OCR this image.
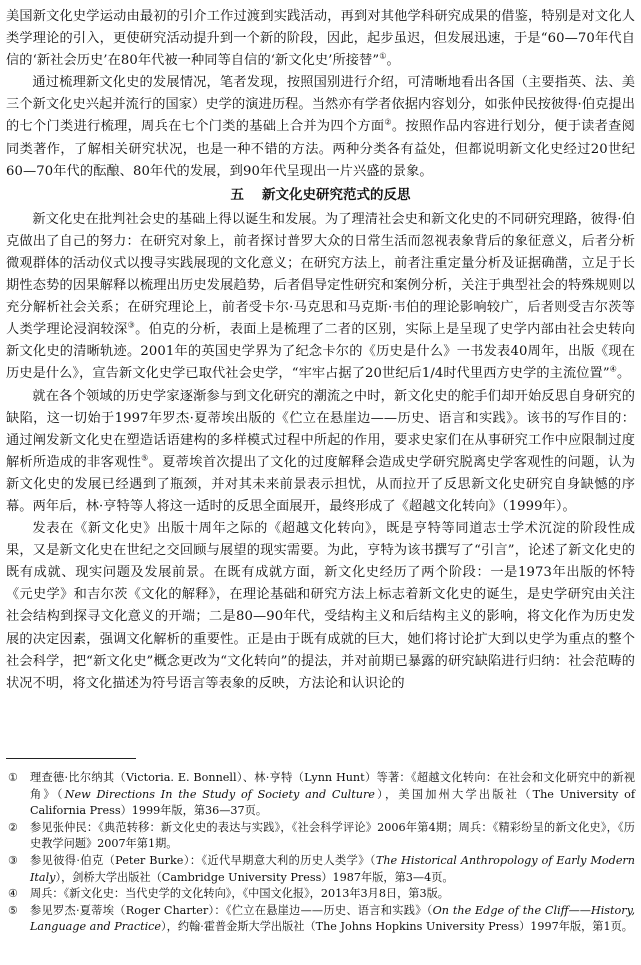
美国新文化史学运动由最初的引介工作过渡到实践活动，再到对其他学科研究成果的借鉴，特别是对文化人类学理论的引入，更使研究活动提升到一个新的阶段，因此，起步虽迟，但发展迅速，于是“60—70年代自信的‘新社会历史’在80年代被一种同等自信的‘新文化史’所接替”①。

通过梳理新文化史的发展情况，笔者发现，按照国别进行介绍，可清晰地看出各国（主要指英、法、美三个新文化史兴起并流行的国家）史学的演进历程。当然亦有学者依据内容划分，如张仲民按彼得·伯克提出的七个门类进行梳理，周兵在七个门类的基础上合并为四个方面②。按照作品内容进行划分，便于读者查阅同类著作，了解相关研究状况，也是一种不错的方法。两种分类各有益处，但都说明新文化史经过20世纪60—70年代的酝酿、80年代的发展，到90年代呈现出一片兴盛的景象。

五 新文化史研究范式的反思

新文化史在批判社会史的基础上得以诞生和发展。为了理清社会史和新文化史的不同研究理路，彼得·伯克做出了自己的努力：在研究对象上，前者探讨普罗大众的日常生活而忽视表象背后的象征意义，后者分析微观群体的活动仪式以搜寻实践展现的文化意义；在研究方法上，前者注重定量分析及证据确凿，立足于长期性态势的因果解释以梳理出历史发展趋势，后者倡导定性研究和案例分析，关注于典型社会的特殊规则以充分解析社会关系；在研究理论上，前者受卡尔·马克思和马克斯·韦伯的理论影响较广，后者则受吉尔茨等人类学理论浸润较深③。伯克的分析，表面上是梳理了二者的区别，实际上是呈现了史学内部由社会史转向新文化史的清晰轨迹。2001年的英国史学界为了纪念卡尔的《历史是什么》一书发表40周年，出版《现在历史是什么》，宣告新文化史学已取代社会史学，“牢牢占据了20世纪后1/4时代里西方史学的主流位置”④。

就在各个领域的历史学家逐渐参与到文化研究的潮流之中时，新文化史的舵手们却开始反思自身研究的缺陷，这一切始于1997年罗杰·夏蒂埃出版的《伫立在悬崖边——历史、语言和实践》。该书的写作目的：通过阐发新文化史在塑造话语建构的多样模式过程中所起的作用，要求史家们在从事研究工作中应限制过度解析所造成的非客观性⑤。夏蒂埃首次提出了文化的过度解释会造成史学研究脱离史学客观性的问题，认为新文化史的发展已经遇到了瓶颈，并对其未来前景表示担忧，从而拉开了反思新文化史研究自身缺憾的序幕。两年后，林·亨特等人将这一适时的反思全面展开，最终形成了《超越文化转向》（1999年）。

发表在《新文化史》出版十周年之际的《超越文化转向》，既是亨特等同道志士学术沉淀的阶段性成果，又是新文化史在世纪之交回顾与展望的现实需要。为此，亨特为该书撰写了“引言”，论述了新文化史的既有成就、现实问题及发展前景。在既有成就方面，新文化史经历了两个阶段：一是1973年出版的怀特《元史学》和吉尔茨《文化的解释》，在理论基础和研究方法上标志着新文化史的诞生，是史学研究由关注社会结构到探寻文化意义的开端；二是80—90年代，受结构主义和后结构主义的影响，将文化作为历史发展的决定因素，强调文化解析的重要性。正是由于既有成就的巨大，她们将讨论扩大到以史学为重点的整个社会科学，把“新文化史”概念更改为“文化转向”的提法，并对前期已暴露的研究缺陷进行归纳：社会范畴的状况不明，将文化描述为符号语言等表象的反映，方法论和认识论的

①	理查德·比尔纳其（Victoria. E. Bonnell）、林·亨特（Lynn Hunt）等著：《超越文化转向：在社会和文化研究中的新视角》（New Directions In the Study of Society and Culture），美国加州大学出版社（The University of California Press）1999年版，第36—37页。
②	参见张仲民：《典范转移：新文化史的表达与实践》，《社会科学评论》2006年第4期；周兵：《精彩纷呈的新文化史》，《历史教学问题》2007年第1期。
③	参见彼得·伯克（Peter Burke）：《近代早期意大利的历史人类学》（The Historical Anthropology of Early Modern Italy），剑桥大学出版社（Cambridge University Press）1987年版，第3—4页。
④	周兵：《新文化史：当代史学的文化转向》，《中国文化报》，2013年3月8日，第3版。
⑤	参见罗杰·夏蒂埃（Roger Charter）：《伫立在悬崖边——历史、语言和实践》（On the Edge of the Cliff——History, Language and Practice），约翰·霍普金斯大学出版社（The Johns Hopkins University Press）1997年版，第1页。
